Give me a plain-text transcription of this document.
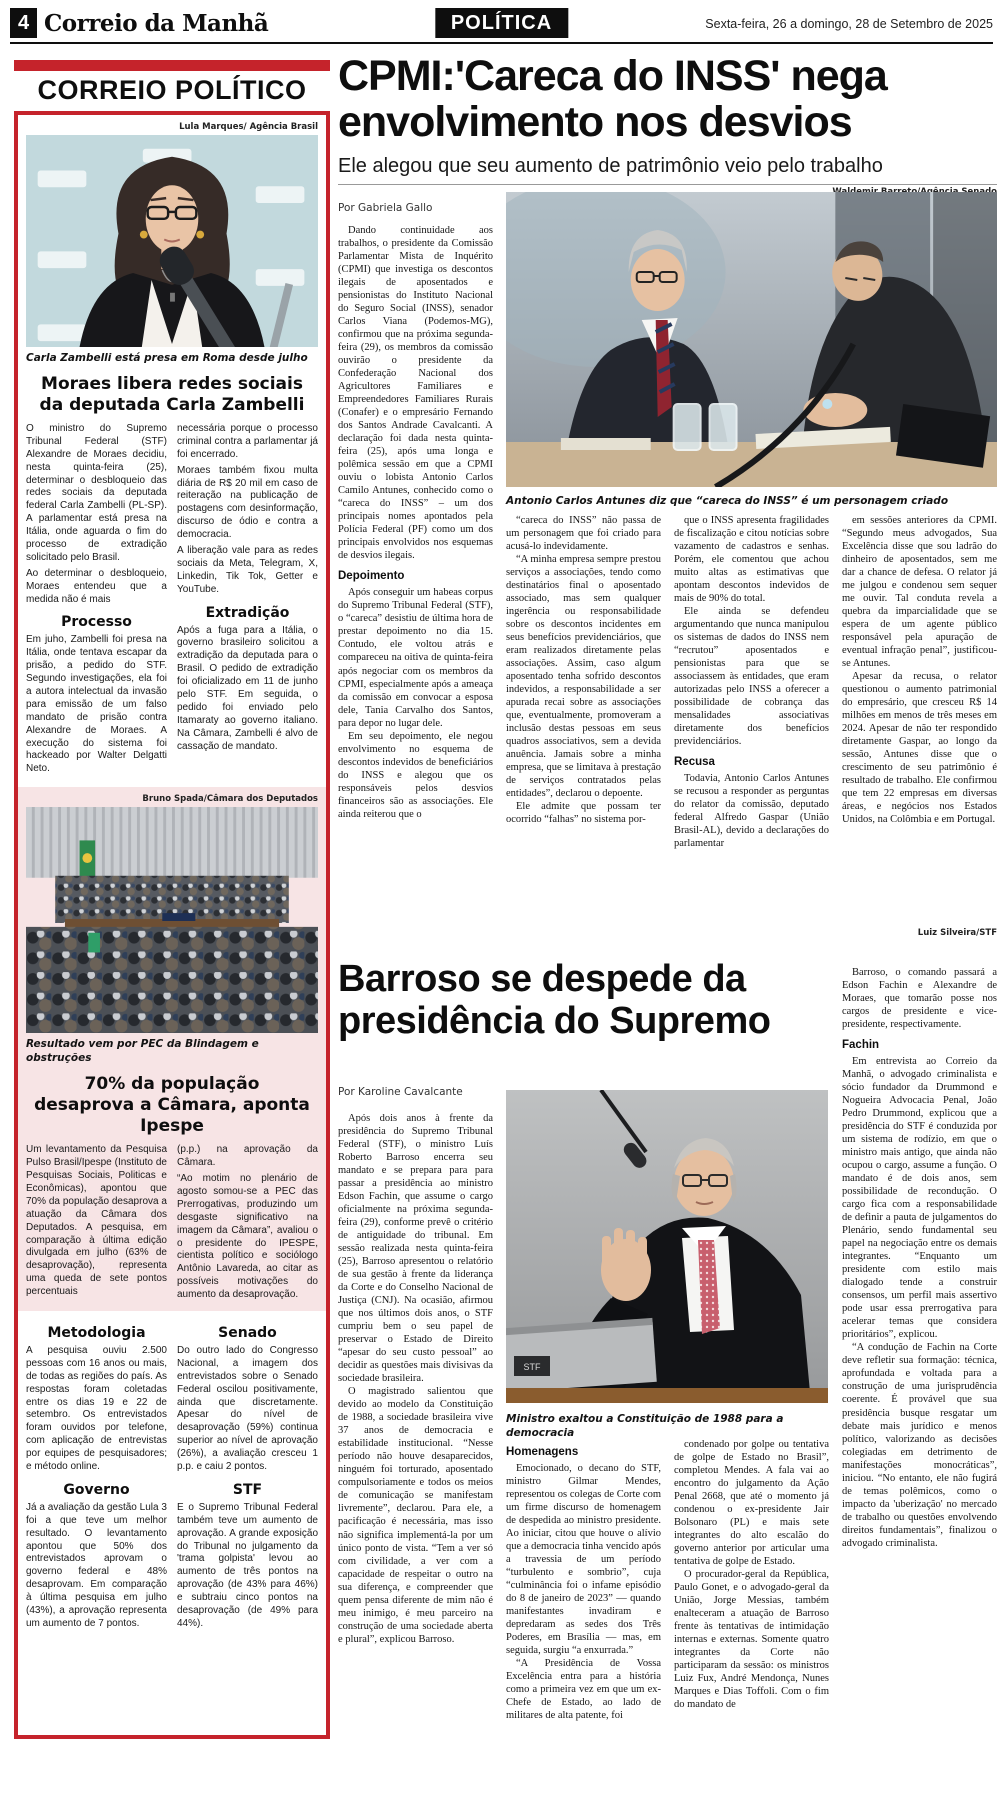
4 Correio da Manhã	POLÍTICA	Sexta-feira, 26 a domingo, 28 de Setembro de 2025
CORREIO POLÍTICO
Lula Marques/ Agência Brasil
Carla Zambelli está presa em Roma desde julho
Moraes libera redes sociais da deputada Carla Zambelli

O ministro do Supremo Tribunal Federal (STF) Alexandre de Moraes decidiu, nesta quinta-feira (25), determinar o desbloqueio das redes sociais da deputada federal Carla Zambelli (PL-SP). A parlamentar está presa na Itália, onde aguarda o fim do processo de extradição solicitado pelo Brasil.

Ao determinar o desbloqueio, Moraes entendeu que a medida não é mais

Processo

Em juho, Zambelli foi presa na Itália, onde tentava escapar da prisão, a pedido do STF. Segundo investigações, ela foi a autora intelectual da invasão para emissão de um falso mandato de prisão contra Alexandre de Moraes. A execução do sistema foi hackeado por Walter Delgatti Neto.

necessária porque o processo criminal contra a parlamentar já foi encerrado.

Moraes também fixou multa diária de R$ 20 mil em caso de reiteração na publicação de postagens com desinformação, discurso de ódio e contra a democracia.

A liberação vale para as redes sociais da Meta, Telegram, X, Linkedin, Tik Tok, Getter e YouTube.

Extradição

Após a fuga para a Itália, o governo brasileiro solicitou a extradição da deputada para o Brasil. O pedido de extradição foi oficializado em 11 de junho pelo STF. Em seguida, o pedido foi enviado pelo Itamaraty ao governo italiano. Na Câmara, Zambelli é alvo de cassação de mandato.

Bruno Spada/Câmara dos Deputados
Resultado vem por PEC da Blindagem e obstruções
70% da população desaprova a Câmara, aponta Ipespe

Um levantamento da Pesquisa Pulso Brasil/Ipespe (Instituto de Pesquisas Sociais, Politicas e Econômicas), apontou que 70% da população desaprova a atuação da Câmara dos Deputados. A pesquisa, em comparação à última edição divulgada em julho (63% de desaprovação), representa uma queda de sete pontos percentuais

(p.p.) na aprovação da Câmara.

“Ao motim no plenário de agosto somou-se a PEC das Prerrogativas, produzindo um desgaste significativo na imagem da Câmara”, avaliou o o presidente do IPESPE, cientista político e sociólogo Antônio Lavareda, ao citar as possíveis motivações do aumento da desaprovação.

Metodologia

A pesquisa ouviu 2.500 pessoas com 16 anos ou mais, de todas as regiões do país. As respostas foram coletadas entre os dias 19 e 22 de setembro. Os entrevistados foram ouvidos por telefone, com aplicação de entrevistas por equipes de pesquisadores; e método online.

Governo

Já a avaliação da gestão Lula 3 foi a que teve um melhor resultado. O levantamento apontou que 50% dos entrevistados aprovam o governo federal e 48% desaprovam. Em comparação à última pesquisa em julho (43%), a aprovação representa um aumento de 7 pontos.

Senado

Do outro lado do Congresso Nacional, a imagem dos entrevistados sobre o Senado Federal oscilou positivamente, ainda que discretamente. Apesar do nível de desaprovação (59%) continua superior ao nível de aprovação (26%), a avaliação cresceu 1 p.p. e caiu 2 pontos.

STF

E o Supremo Tribunal Federal também teve um aumento de aprovação. A grande exposição do Tribunal no julgamento da 'trama golpista' levou ao aumento de três pontos na aprovação (de 43% para 46%) e subtraiu cinco pontos na desaprovação (de 49% para 44%).

CPMI:'Careca do INSS' nega envolvimento nos desvios
Ele alegou que seu aumento de patrimônio veio pelo trabalho
Por Gabriela Gallo
Antonio Carlos Antunes diz que “careca do INSS” é um personagem criado

Dando continuidade aos trabalhos, o presidente da Comissão Parlamentar Mista de Inquérito (CPMI) que investiga os descontos ilegais de aposentados e pensionistas do Instituto Nacional do Seguro Social (INSS), senador Carlos Viana (Podemos-MG), confirmou que na próxima segunda-feira (29), os membros da comissão ouvirão o presidente da Confederação Nacional dos Agricultores Familiares e Empreendedores Familiares Rurais (Conafer) e o empresário Fernando dos Santos Andrade Cavalcanti. A declaração foi dada nesta quinta-feira (25), após uma longa e polêmica sessão em que a CPMI ouviu o lobista Antonio Carlos Camilo Antunes, conhecido como o “careca do INSS” – um dos principais nomes apontados pela Polícia Federal (PF) como um dos principais envolvidos nos esquemas de desvios ilegais.

Depoimento

Após conseguir um habeas corpus do Supremo Tribunal Federal (STF), o “careca” desistiu de última hora de prestar depoimento no dia 15. Contudo, ele voltou atrás e compareceu na oitiva de quinta-feira após negociar com os membros da CPMI, especialmente após a ameaça da comissão em convocar a esposa dele, Tania Carvalho dos Santos, para depor no lugar dele.

Em seu depoimento, ele negou envolvimento no esquema de descontos indevidos de beneficiários do INSS e alegou que os responsáveis pelos desvios financeiros são as associações. Ele ainda reiterou que o

“careca do INSS” não passa de um personagem que foi criado para acusá-lo indevidamente.

“A minha empresa sempre prestou serviços a associações, tendo como destinatários final o aposentado associado, mas sem qualquer ingerência ou responsabilidade sobre os descontos incidentes em seus benefícios previdenciários, que eram realizados diretamente pelas associações. Assim, caso algum aposentado tenha sofrido descontos indevidos, a responsabilidade a ser apurada recai sobre as associações que, eventualmente, promoveram a inclusão destas pessoas em seus quadros associativos, sem a devida anuência. Jamais sobre a minha empresa, que se limitava à prestação de serviços contratados pelas entidades”, declarou o depoente.

Ele admite que possam ter ocorrido “falhas” no sistema por-

que o INSS apresenta fragilidades de fiscalização e citou notícias sobre vazamento de cadastros e senhas. Porém, ele comentou que achou muito altas as estimativas que apontam descontos indevidos de mais de 90% do total.

Ele ainda se defendeu argumentando que nunca manipulou os sistemas de dados do INSS nem “recrutou” aposentados e pensionistas para que se associassem às entidades, que eram autorizadas pelo INSS a oferecer a possibilidade de cobrança das mensalidades associativas diretamente dos benefícios previdenciários.

Recusa

Todavia, Antonio Carlos Antunes se recusou a responder as perguntas do relator da comissão, deputado federal Alfredo Gaspar (União Brasil-AL), devido a declarações do parlamentar

em sessões anteriores da CPMI. “Segundo meus advogados, Sua Excelência disse que sou ladrão do dinheiro de aposentados, sem me dar a chance de defesa. O relator já me julgou e condenou sem sequer me ouvir. Tal conduta revela a quebra da imparcialidade que se espera de um agente público responsável pela apuração de eventual infração penal”, justificou-se Antunes.

Apesar da recusa, o relator questionou o aumento patrimonial do empresário, que cresceu R$ 14 milhões em menos de três meses em 2024. Apesar de não ter respondido diretamente Gaspar, ao longo da sessão, Antunes disse que o crescimento de seu patrimônio é resultado de trabalho. Ele confirmou que tem 22 empresas em diversas áreas, e negócios nos Estados Unidos, na Colômbia e em Portugal.

Luiz Silveira/STF
Barroso se despede da presidência do Supremo
Por Karoline Cavalcante

Após dois anos à frente da presidência do Supremo Tribunal Federal (STF), o ministro Luís Roberto Barroso encerra seu mandato e se prepara para para passar a presidência ao ministro Edson Fachin, que assume o cargo oficialmente na próxima segunda-feira (29), conforme prevê o critério de antiguidade do tribunal. Em sessão realizada nesta quinta-feira (25), Barroso apresentou o relatório de sua gestão à frente da liderança da Corte e do Conselho Nacional de Justiça (CNJ). Na ocasião, afirmou que nos últimos dois anos, o STF cumpriu bem o seu papel de preservar o Estado de Direito “apesar do seu custo pessoal” ao decidir as questões mais divisivas da sociedade brasileira.

O magistrado salientou que devido ao modelo da Constituição de 1988, a sociedade brasileira vive 37 anos de democracia e estabilidade institucional. “Nesse período não houve desaparecidos, ninguém foi torturado, aposentado compulsoriamente e todos os meios de comunicação se manifestam livremente”, declarou. Para ele, a pacificação é necessária, mas isso não significa implementá-la por um único ponto de vista. “Tem a ver só com civilidade, a ver com a capacidade de respeitar o outro na sua diferença, e compreender que quem pensa diferente de mim não é meu inimigo, é meu parceiro na construção de uma sociedade aberta e plural”, explicou Barroso.

STF
Ministro exaltou a Constituição de 1988 para a democracia
Homenagens

Emocionado, o decano do STF, ministro Gilmar Mendes, representou os colegas de Corte com um firme discurso de homenagem de despedida ao ministro presidente. Ao iniciar, citou que houve o alívio que a democracia tinha vencido após a travessia de um período “turbulento e sombrio”, cuja “culminância foi o infame episódio do 8 de janeiro de 2023” — quando manifestantes invadiram e depredaram as sedes dos Três Poderes, em Brasília — mas, em seguida, surgiu “a enxurrada.”

“A Presidência de Vossa Excelência entra para a história como a primeira vez em que um ex-Chefe de Estado, ao lado de militares de alta patente, foi

condenado por golpe ou tentativa de golpe de Estado no Brasil”, completou Mendes. A fala vai ao encontro do julgamento da Ação Penal 2668, que até o momento já condenou o ex-presidente Jair Bolsonaro (PL) e mais sete integrantes do alto escalão do governo anterior por articular uma tentativa de golpe de Estado.

O procurador-geral da República, Paulo Gonet, e o advogado-geral da União, Jorge Messias, também enalteceram a atuação de Barroso frente às tentativas de intimidação internas e externas. Somente quatro integrantes da Corte não participaram da sessão: os ministros Luiz Fux, André Mendonça, Nunes Marques e Dias Toffoli. Com o fim do mandato de

Barroso, o comando passará a Edson Fachin e Alexandre de Moraes, que tomarão posse nos cargos de presidente e vice-presidente, respectivamente.

Fachin

Em entrevista ao Correio da Manhã, o advogado criminalista e sócio fundador da Drummond e Nogueira Advocacia Penal, João Pedro Drummond, explicou que a presidência do STF é conduzida por um sistema de rodízio, em que o ministro mais antigo, que ainda não ocupou o cargo, assume a função. O mandato é de dois anos, sem possibilidade de recondução. O cargo fica com a responsabilidade de definir a pauta de julgamentos do Plenário, sendo fundamental seu papel na negociação entre os demais integrantes. “Enquanto um presidente com estilo mais dialogado tende a construir consensos, um perfil mais assertivo pode usar essa prerrogativa para acelerar temas que considera prioritários”, explicou.

“A condução de Fachin na Corte deve refletir sua formação: técnica, aprofundada e voltada para a construção de uma jurisprudência coerente. É provável que sua presidência busque resgatar um debate mais jurídico e menos político, valorizando as decisões colegiadas em detrimento de manifestações monocráticas”, iniciou. “No entanto, ele não fugirá de temas polêmicos, como o impacto da 'uberização' no mercado de trabalho ou questões envolvendo direitos fundamentais”, finalizou o advogado criminalista.
